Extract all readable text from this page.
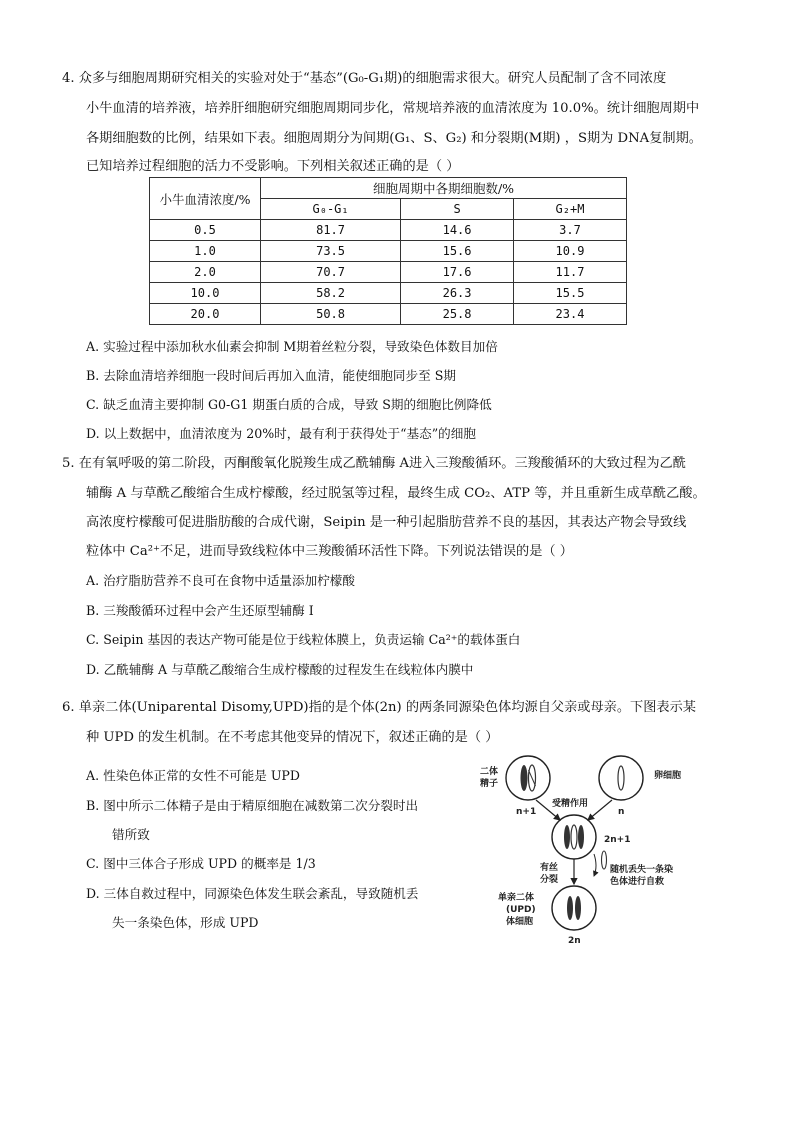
4. 众多与细胞周期研究相关的实验对处于“基态”(G₀-G₁期)的细胞需求很大。研究人员配制了含不同浓度
小牛血清的培养液，培养肝细胞研究细胞周期同步化，常规培养液的血清浓度为 10.0%。统计细胞周期中
各期细胞数的比例，结果如下表。细胞周期分为间期(G₁、S、G₂) 和分裂期(M期) ，S期为 DNA复制期。
已知培养过程细胞的活力不受影响。下列相关叙述正确的是（ ）
小牛血清浓度/%	细胞周期中各期细胞数/%		
	G₀-G₁	S	G₂+M
0.5	81.7	14.6	3.7
1.0	73.5	15.6	10.9
2.0	70.7	17.6	11.7
10.0	58.2	26.3	15.5
20.0	50.8	25.8	23.4
A. 实验过程中添加秋水仙素会抑制 M期着丝粒分裂，导致染色体数目加倍
B. 去除血清培养细胞一段时间后再加入血清，能使细胞同步至 S期
C. 缺乏血清主要抑制 G0-G1 期蛋白质的合成，导致 S期的细胞比例降低
D. 以上数据中，血清浓度为 20%时，最有利于获得处于“基态”的细胞
5. 在有氧呼吸的第二阶段，丙酮酸氧化脱羧生成乙酰辅酶 A进入三羧酸循环。三羧酸循环的大致过程为乙酰
辅酶 A 与草酰乙酸缩合生成柠檬酸，经过脱氢等过程，最终生成 CO₂、ATP 等，并且重新生成草酰乙酸。
高浓度柠檬酸可促进脂肪酸的合成代谢，Seipin 是一种引起脂肪营养不良的基因，其表达产物会导致线
粒体中 Ca²⁺不足，进而导致线粒体中三羧酸循环活性下降。下列说法错误的是（ ）
A. 治疗脂肪营养不良可在食物中适量添加柠檬酸
B. 三羧酸循环过程中会产生还原型辅酶 I
C. Seipin 基因的表达产物可能是位于线粒体膜上，负责运输 Ca²⁺的载体蛋白
D. 乙酰辅酶 A 与草酰乙酸缩合生成柠檬酸的过程发生在线粒体内膜中
6. 单亲二体(Uniparental Disomy,UPD)指的是个体(2n) 的两条同源染色体均源自父亲或母亲。下图表示某
种 UPD 的发生机制。在不考虑其他变异的情况下，叙述正确的是（ ）
A. 性染色体正常的女性不可能是 UPD
B. 图中所示二体精子是由于精原细胞在减数第二次分裂时出
错所致
C. 图中三体合子形成 UPD 的概率是 1/3
D. 三体自救过程中，同源染色体发生联会紊乱，导致随机丢
失一条染色体，形成 UPD
二体
精子
n+1
卵细胞
n
受精作用
2n+1
随机丢失一条染
色体进行自救
有丝
分裂
单亲二体
(UPD)
体细胞
2n
